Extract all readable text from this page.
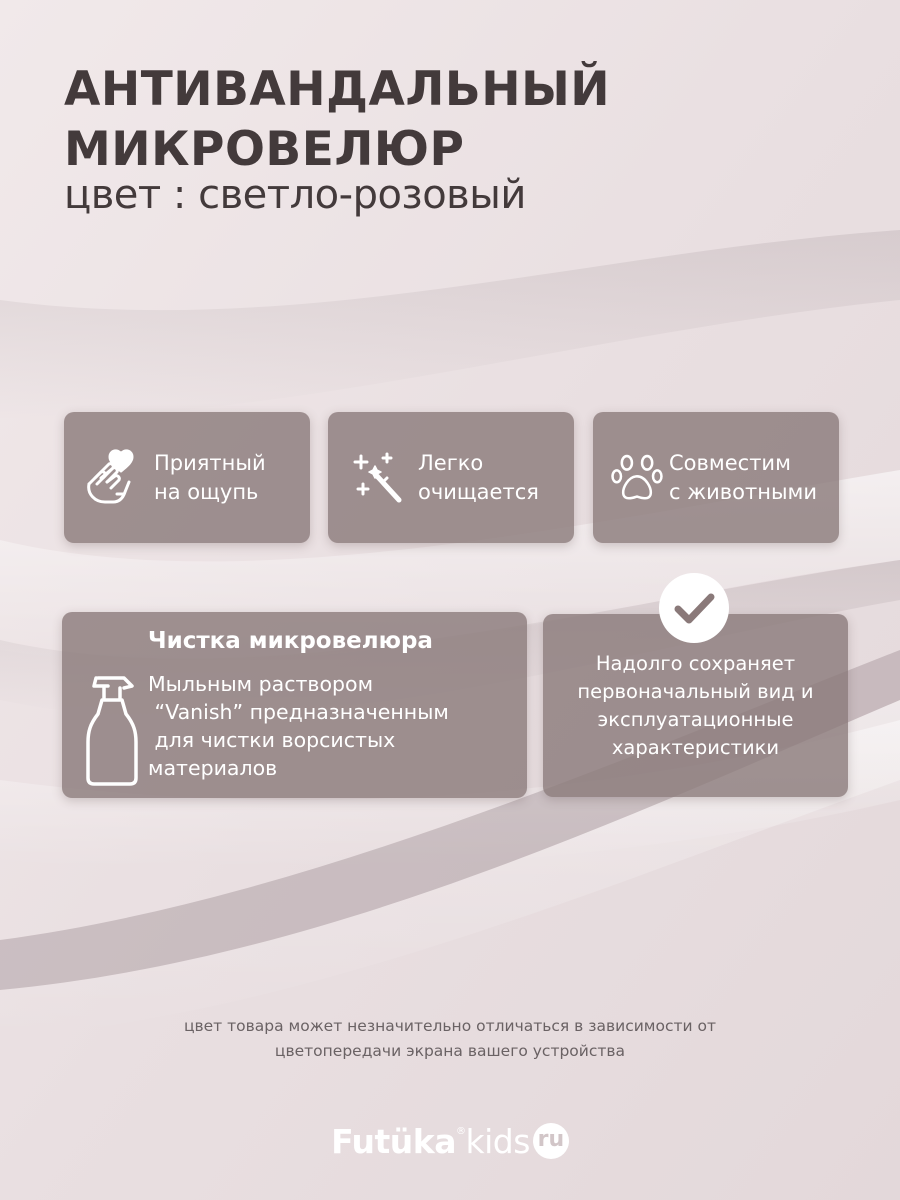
АНТИВАНДАЛЬНЫЙ
МИКРОВЕЛЮР
цвет : светло-розовый
Приятный
на ощупь
Легко
очищается
Совместим
с животными
Чистка микровелюра
Мыльным раствором
“Vanish” предназначенным
для чистки ворсистых
материалов
Надолго сохраняет
первоначальный вид и
эксплуатационные
характеристики
цвет товара может незначительно отличаться в зависимости от
цветопередачи экрана вашего устройства
Futüka®kids ru
